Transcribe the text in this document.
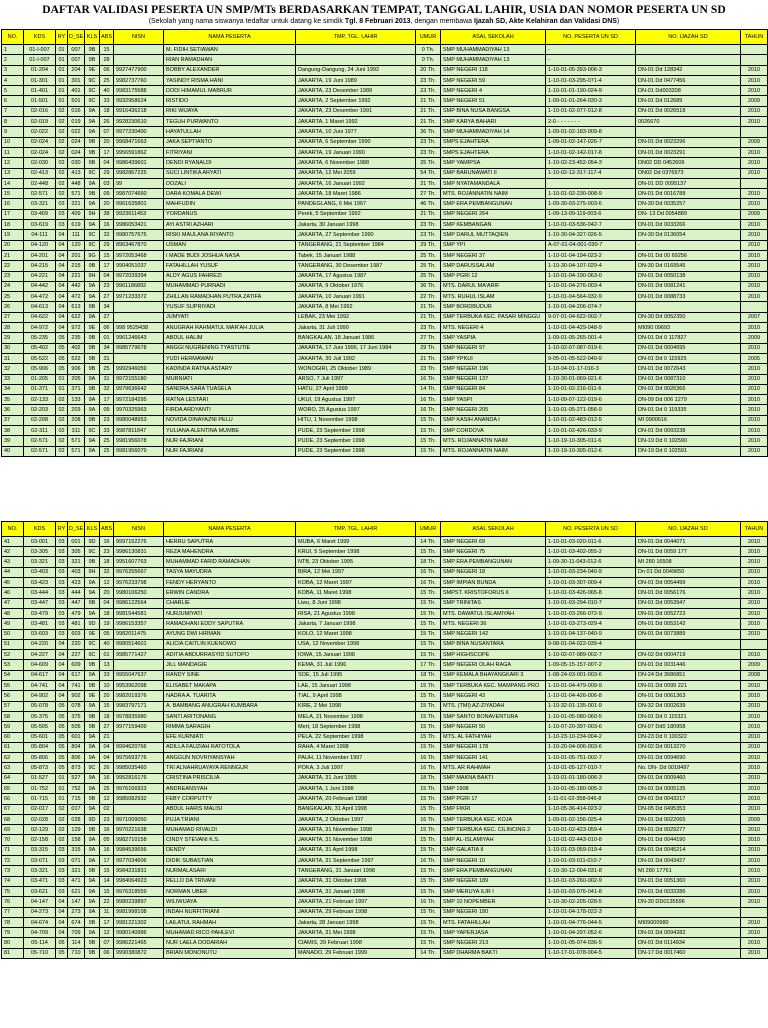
DAFTAR VALIDASI PESERTA UN SMP/MTs BERDASARKAN TEMPAT, TANGGAL LAHIR, USIA DAN NOMOR PESERTA UN SD
(Sekolah yang nama siswanya tedaftar untuk datang ke simdik Tgl. 8 Februari 2013, dengan membawa Ijazah SD, Akte Kelahiran dan Validasi DNS)
NO.	KDS	RY	D_SE	KLS	ABS	NISN	NAMA PESERTA	TMP, TGL. LAHIR	UMUR	ASAL SEKOLAH	NO. PESERTA UN SD	NO. IJAZAH SD	TAHUN
1	01-I-007	01	007	9B	15		M. FIDIH SETIAWAN		0 Th.	SMP MUHAMMADIYAH 13	-		
2	01-I-007	01	007	9B	28		RIAN RAMADHAN		0 Th.	SMP MUHAMMADIYAH 13	-		
3	01-204	01	204	9E	06	9927477900	BOBBY ALEXANDER	Dangung-Dangung, 24 Juni 1992	20 Th.	SMP NEGERI 118	1-10-01-05-393-006-3	DN-01 Dd 128342	2010
4	01-301	01	301	9C	25	9982737760	YASINDY RISMA HANI	JAKARTA, 19 Juni 1989	23 Th.	SMP NEGERI 59	1-10-01-03-295-071-4	DN-01 Dd 0477456	2010
5	01-401	01	401	9C	40	9983175588	DODI HIMAMUL MABRUR	JAKARTA, 23 Desember 1989	23 Th.	SMP NEGERI 4	1-10-01-01-190-024-9	DN-01 Dd003208	2010
6	01-501	01	501	9C	33	9932958624	RISTIDO	JAKARTA, 2 September 1992	21 Th.	SMP NEGERI 51	1-09-01-01-264-030-3	DN-01 Dd 012689	2009
7	02-016	02	016	9A	18	9916436218	RIKI WIJAYA	JAKARTA, 23 Desember 1991	21 Th.	SMP BINA NUSA BANGSA	1-10-01-02-077-012-8	DN-01 Dd 0026518	2010
8	02-019	02	019	9A	26	9928230610	TEGUH PURWANTO	JAKARTA, 1 Maret 1992	21 Th.	SMP KARYA BAHARI	2-0 - - - - - - -	0026670	2010
9	02-022	02	022	9A	07	9977230400	HAYATULLAH	JAKARTA, 10 Juni 1977	36 Th.	SMP MUHAMMADIYAH 14	1-09-01-02-183-009-8		
10	02-024	02	024	9B	20	9968471663	JAKA SEPTIANTO	JAKARTA, 6 September 1990	23 Th.	SMPS EJAHTERA	1-09-01-02-147-026-7	DN-01 Dd 0023296	2009
11	02-024	02	024	9B	17	9956591862	FITRIYANI	JAKARTA, 19 Januari 1990	23 Th.	SMPS EJAHTERA	1-10-01-02-142-017-8	DN-01 Dd 0023291	2010
12	02-030	02	030	9B	04	9986439601	DENDI RYANALDI	JAKARTA, 6 November 1988	25 Th.	SMP YAMIPSA	1-10-02-23-452-054-3	DN02 DD 0452609	2010
13	02-413	02	413	9C	29	9982867225	SUCI LINTIKA ARYATI	JAKARTA, 12 Mei 2059	54 Th.	SMP BARUNAWATI II	1-10-02-12-317-117-4	DN02 Dd 0376973	2010
14	02-448	02	448	9A	03	99	DOZALI	JAKARTA, 16 Januari 1992	21 Th.	SMP NYATAMANDALA		DN-01 DD 0095137	
15	02-571	02	571	9B	09	9987074660	DARA KOMALA DEWI	JAKARTA, 18 Maret 1986	27 Th.	MTS. ROJANNATIN NAIM	1-10-01-02-230-008-9	DN-01 Dd 0016788	2010
16	03-321	03	321	9A	20	9961635801	MAHFUDIN	PANDEGLANG, 6 Mei 1967	46 Th.	SMP ERA PEMBANGUNAN	1-09-30-03-275-003-6	DN-30 Dd 0035257	2010
17	03-409	03	409	9H	38	9923611453	YORDANUS	Perek, 5 September 1992	21 Th.	SMP NEGERI 264	1-09-13-09-119-003-6	DN- 13 Dd 0054889	2009
18	03-619	03	619	9A	16	9986053421	AYI ASTRI AZHARI	Jakarta, 30 Januari 1998	23 Th.	SMP KEMBANGAN	1-10-01-03-536-042-7	DN-01 Dd 0033266	2010
19	04-111	04	111	9C	32	9980757675	RISKI MAULANA RIYANTO	JAKARTA, 27 September 1990	23 Th.	SMP DARUL MUTTAQIEN	1-10-30-04-327-026-5	DN-30 Dd 0136054	2010
20	04-120	04	120	9C	29	8963467870	USMAN	TANGERANG, 21 September 1984	29 Th.	SMP YPI	A-07-01-04-001-030-7	-	2010
21	04-201	04	201	9G	15	9972053468	I MADE BUDI JOSHUA NASA	Tabek, 15 Januari 1988	25 Th.	SMP NEGERI 37	1-10-01-04-194-023-2	DN-01 Dd 00 69256	2010
22	04-215	04	215	9B	17	9904051037	FATAHILLAH YUSUF	TANGERANG, 30 Desember 1987	25 Th.	SMP DARUSSALAM	1-10-30-04-107-029-4	DN-30 Dd 0169545	2010
23	04-221	04	221	9H	04	9972039394	ALDY AGUS FAHREZI	JAKARTA, 17 Agustus 1987	25 Th.	SMP PGRI 12	1-10-01-04-190-063-0	DN-01 Dd 0050138	2010
24	04-442	04	442	9A	23	9961186892	MUHAMMAD PURNADI	JAKARTA, 9 Oktober 1976	36 Th.	MTS. DARUL MA'ARIF	1-10-01-04-276-003-4	DN-01 Dd 0081241	2010
25	04-472	04	472	9A	27	9971233372	ZHILLAN RAMADHAN PUTRA ZATIFA	JAKARTA, 10 Januari 1991	22 Th.	MTS. RUHUL ISLAM	1-10-01-04-564-032-9	DN-01 Dd 0088733	2010
26	04-613	04	613	9B	34		YUSUF SUPRIYADI	JAKARTA, 8 Mei 1992	21 Th.	SMP BORDBUDUR	1-10-01-04-206-074-7		
27	04-622	04	622	9A	27		JUMYATI	LEBAK, 23 Mei 1992	21 Th.	SMP TERBUKA KEC. PASAR MINGGU	9-07-01-04-622-002-7	DN-30 Dd 0052350	2007
28	04-972	04	972	9E	06	998 9529438	ANUGRAH RAHMATUL MAR'AH JULIA	Jakarta, 31 Juli 1990	23 Th.	MTS. NEGERI 4	1-10-01-04-429-048-9	MI090 09693	2010
29	05-235	05	235	9B	01	9961246643	ABDUL HALIM	BANGKALAN, 18 Januari 1986	27 Th.	SMP YASPIA	1-09-01-05-265-001-4	DN-01 Dd 0 117827	2009
30	05-402	05	402	9B	34	9985779678	ANGGI NUGRENING TYASTUTIE	JAKARTA, 17 Juni 1996, 17 Juni 1984	29 Th.	SMP NEGERI 97	1-10-02-07-087-019-6	DN-01 Dd 0004695	2010
31	05-522	05	522	9B	31		YUDI HERMAWAN	JAKARTA, 30 Juli 1992	21 Th.	SMP YPKUI	9-05-01-05-522-040-9	DN-01 Dd 0 115925	2005
32	05-906	05	906	9B	25	9992946059	KADINDA RATNA ASTARY	WONOGIRI, 25 Oktober 1989	23 Th.	SMP NEGERI 196	1-10-04-01-17-016-3	DN-01 Dd 0072643	2010
33	01-205	01	205	9A	31	9972155180	MURNIATI	ARSO, 7 Juli 1997	16 Th.	SMP NEGERI 137	1-10-30-01-069-021-6	DN-01 Dd 0087310	2010
34	01-371	01	371	9B	32	9979636642	SANDRA SARA TUASELA	HATU, 27 April 1999	14 Th.	SMP NEGERI 84	1-10-01-02-216-011-6	DN-01 Dd 0026366	2010
35	02-133	02	133	9A	17	9972184295	RATNA LESTARI	UKUI, 19 Agustus 1997	16 Th.	SMP YASPI	1-10-09-07-122-019-6	DN-09 Dd 006 1279	2010
36	02-203	02	203	9A	09	9970325963	FIRDA ARDYANTI	WORO, 25 Agustus 1997	16 Th.	SMP NEGERI 205	1-10-01-05-271-056-9	DN-01 Dd 0 119335	2010
37	02-208	02	208	9B	23	9980048953	NOVIDA DINAYAZNI PELU	HITU, 1 November 1998	15 Th.	SMP KASIH ANANDA I	1-10-01-02-483-012-5	MI 0900616	2010
38	02-311	02	311	9C	33	9987811847	YULIANA ALENTINA MUMBE	PUDE, 23 September 1998	15 Th.	SMP CORDOVA	1-10-01-02-426-033-9	DN-01 Dd 0093238	2010
39	02-571	02	571	9A	25	9981956078	NUR FAJRIANI	PUDE, 23 September 1998	15 Th.	MTS. ROJANNATIN NAIM	1-10-19-10-305-011-6	DN-19 Dd 0 102590	2010
40	02-571	02	571	9A	25	9981956079	NUR FAJRIANI	PUDE, 23 September 1998	15 Th.	MTS. ROJANNATIN NAIM	1-10-19-10-305-012-6	DN-19 Dd 0 102591	2010
NO.	KDS	RY	D_SE	KLS	ABS	NISN	NAMA PESERTA	TMP, TGL. LAHIR	UMUR	ASAL SEKOLAH	NO. PESERTA UN SD	NO. IJAZAH SD	TAHUN
41	03-001	03	001	9D	16	9997152276	HERRU SAPUTRA	MUBA, 6 Maret 1999	14 Th.	SMP NEGERI 69	1-10-01-03-020-011-6	DN-01 Dd 0044071	2010
42	03-305	03	305	9C	23	9986130831	REZA MAHENDRA	KRUI, 5 September 1998	15 Th.	SMP NEGERI 75	1-10-01-03-402-055-2	DN-01 Dd 0059 177	2010
43	03-321	03	321	9B	18	9951607763	MUHAMMAD FARID RAMADHAN	NTB, 23 Oktober 1995	18 Th.	SMP ERA PEMBANGUNAN	1-09-30-11-043-012-6	MI 280 16508	2010
44	03-403	03	403	9H	32	9976255667	TASYA MAYUDRA	BIRA, 12 Mei 1997	16 Th.	SMP NEGERI 18	1-10-01-03-234-040-9	Dn 01 Dd 0049650	2010
45	03-423	03	423	9A	12	9976233798	FENDY HERYANTO	KOBA, 12 Maret 1997	16 Th.	SMP IMPIAN BUNDA	1-10-01-03-307-009-4	DN-01 Dd 0054499	2010
46	03-444	03	444	9A	20	9980106250	ERWIN CANDRA	KOBA, 11 Maret 1998	15 Th.	SMPST. KRISTOFORUS II	1-10-01-03-426-065-8	DN-01 Dd 0056176	2010
47	03-447	03	447	9B	04	9986122564	CHARLIE	Liwu, 8 Juni 1998	15 Th.	SMP TRINITAS	1-10-01-03-294-010-7	DN-01 Dd 0053947	2010
48	03-479	03	479	9A	18	9981544581	NURJUMIYATI	RISA, 21 Agustus 1998	15 Th.	MTS. DAWATUL ISLAMIYAH	1-10-01-03-266-072-9	DN-01 Dd 0052723	2010
49	03-481	03	481	9D	19	9986153357	RAMADHANI EDDY SAPUTRA	Jakarta, 7 Januari 1998	15 Th.	MTS. NEGERI 36	1-10-01-03-273-029-4	DN-01 Dd 0053142	2010
50	03-603	03	603	9E	05	9982011475	AYUNG DWI HIRMAN	KOLO, 12 Maret 1998	15 Th.	SMP NEGERI 142	1-10-01-04-137-040-9	DN-01 Dd 0073889	2010
51	04-220	04	220	9C	40	9980514601	ALICIA CAITLIN KUENOWO	USA, 12 November 1998	15 Th.	SMP BINA NUSANTARA	9-08-01-04-022-039-4		
52	04-227	04	227	9C	01	9985771427	ADITIA ABDURRASYID SUTOPO	IOWA, 15 Januari 1998	15 Th.	SMP HIGHSCOPE	1-10-02-07-089-002-7	DN-02 Dd 0004719	2010
53	04-609	04	609	9B	13		JILL MANDAGIE	KEMA, 31 Juli 1996	17 Th.	SMP NEGERI OLAH RAGA	1-09-05-15-157-007-2	DN-01 Dd 0031446	2009
54	04-617	04	617	9A	33	9955047637	RANDY SINE	SOE, 15 Juli 1995	18 Th.	SMP KEMALA BHAYANGKARI 3	1-08-24-03-001-003-6	DN-24 Dd 3686851	2008
55	04-741	04	741	9B	10	9953962098	ELISABET MAKAPA	LAE, 15 Januari 1998	15 Th.	SMP TERBUKA KEC. MAMPANG PRO	1-10-01-04-479-009-9	DN-01 Dd 0099 221	2010
56	04-902	04	902	9E	20	9982019376	NADRA A. TUARITA	TIAL, 9 April 1998	15 Th.	SMP NEGERI 43	1-10-01-04-426-006-8	DN-01 Dd 0061363	2010
57	05-078	05	078	9A	15	9983797171	A. BAMBANG ANUGRAH KUMBARA	KIRE, 2 Mei 1998	15 Th.	MTS. (TMI) AZ-ZIYADAH	1-10-32-01-135-001-9	DN-32 Dd 0002639	2010
58	05-375	05	375	9B	18	9978835980	SANTI ARITONANG	MELA, 21 November 1998	15 Th.	SMP SANTO BONAVENTURA	1-10-01-05-080-060-5	DN-01 Dd 0 115321	2010
59	05-505	05	505	9B	27	9977159409	RIMMA SARAGIH	Mert, 18 September 1998	15 Th.	SMP NEGERI 50	1-10-07-20-397-003-6	DN-07 Dd0 180958	2010
60	05-601	05	601	9A	21		EFE KURNIATI	PELA, 22 September 1998	15 Th.	MTS. AL FATHIYAH	1-10-23-10-234-004-2	DN-23 Dd 0 100322	2010
61	05-804	05	804	9A	04	9994620766	ADILLA FAUZIAH RATOTOLA	RAHA, 4 Maret 1998	15 Th.	SMP NEGERI 178	1-10-20-04-006-003-6	DN-02 Dd 0013270	2010
62	05-806	05	806	9A	04	9975693776	ANGGUN NOVRIYANSYAH	PAUH, 11 November 1997	16 Th.	SMP NEGERI 141	1-10-01-05-751-002-7	DN-01 Dd 0094690	2010
63	05-873	05	873	9C	26	9985035460	TRI ALNAHRUAYAYA RENNGUR	POKA, 3 Juli 1997	16 Th.	MTS. AR RAHMAH	1-10-01-05-127-010-7	No. DN- Dd 0018497	2010
64	01-527	01	527	9A	16	9952816176	CRISTINA PRISCILIA	JAKARTA, 31 Juni 1995	18 Th.	SMP MAKNA BAKTI	1-10-01-01-180-006-3	DN-01 Dd 0009460	2010
65	01-752	01	752	9A	25	9976166923	ANDREANSYAH	JAKARTA, 1 Juni 1998	15 Th.	SMP 1908	1-10-01-05-180-005-3	DN-01 Dd 0005135	2010
66	01-715	01	715	9B	12	9985082932	FEBY CORPUTTY	JAKARTA, 20 Februari 1998	15 Th.	SMP PGRI 17	1-11-01-02-358-046-8	DN-01 Dd 0043217	2010
67	02-017	02	017	9A	02		ABDUL HARIS MALISI	BANGKALAN, 31 April 1998	15 Th.	SMP FIKRI	1-10-05-36-414-023-2	DN-05 Dd 0495353	2010
68	02-028	02	028	9D	23	9971009050	PUJA TRIANI	JAKARTA, 2 Oktober 1997	16 Th.	SMP TERBUKA KEC. KOJA	1-09-01-02-156-025-4	DN-01 Dd 0022065	2009
69	02-129	02	129	9B	16	9970221638	MUHAMAD RIVALDI	JAKARTA, 31 November 1998	15 Th.	SMP TERBUKA KEC. CILINCING 2	1-10-01-02-423-059-4	DN-01 Dd 0029277	2010
70	02-158	02	158	9A	05	9982710158	CINDY STEVANI K.S.	JAKARTA, 31 November 1998	15 Th.	SMP AL-ISLAMIYAH	1-10-01-02-443-010-8	DN-01 Dd 0044190	2010
71	03-315	03	315	9A	16	9984539656	DENDY	JAKARTA, 31 April 1998	15 Th.	SMP GALATIA II	1-10-01-03-059-019-4	DN-01 Dd 0045214	2010
72	03-071	03	071	9A	17	9977034606	DIDIK SUBASTIAN	JAKARTA, 31 September 1997	16 Th.	SMP NEGERI 10	1-10-01-03-011-010-7	DN-01 Dd 0043427	2010
73	03-321	03	321	9B	15	9984231831	NURMALASARI	TANGERANG, 31 Januari 1998	15 Th.	SMP ERA PEMBANGUNAN	1-10-30-12-004-031-8	MI 280 17761	2010
74	03-471	03	471	9A	14	9984064923	RELLO DA TRIVANI	JAKARTA, 31 Oktober 1998	15 Th.	SMP NEGERI 189	1-10-01-03-260-002-9	DN-01 Dd 0051360	2010
75	03-621	03	621	9A	15	9976318559	NORMAN UBER	JAKARTA, 31 Januari 1998	15 Th.	SMP MERUYA ILIR I	1-10-01-03-076-041-8	DN-01 Dd 0033286	2010
76	04-147	04	147	9A	22	9980239897	WILIWIJAYA	JAKARTA, 21 Februari 1997	16 Th.	SMP 10 NOPEMBER	1-10-30-02-205-028-5	DN-30 DD0135596	2010
77	04-273	04	273	9A	11	9981998108	INDAH NURFITRIANI	JAKARTA, 29 Februari 1998	15 Th.	SMP NEGERI 180	1-10-01-04-178-022-3		
78	04-674	04	674	9B	17	9981221302	LAILATUL RAHMAH	Jakarta, 28 Januari 1998	15 Th.	MTS. FATAHILLAH	1-10-01-04-776-044-5	MI09000980	2010
79	04-709	04	709	9A	12	9980140986	MUHAMAD RICO PAHLEVI	JAKARTA, 31 Mei 1998	15 Th.	SMP YAPERJASA	1-10-01-04-297-052-6	DN-01 Dd 0094282	2010
80	05-114	05	114	9B	07	9986221465	NUR LAELA OODARIAH	CIAMIS, 29 Februari 1998	15 Th.	SMP NEGERI 213	1-10-01-05-074-036-5	DN-01 Dd 0114934	2010
81	05-710	05	710	9B	06	9990380872	BRIAN MONONUTU	MANADO, 29 Februari 1999	14 Th.	SMP DHARMA BAKTI	1-10-17-01-078-004-5	DN-17 Dd 0017460	2010
